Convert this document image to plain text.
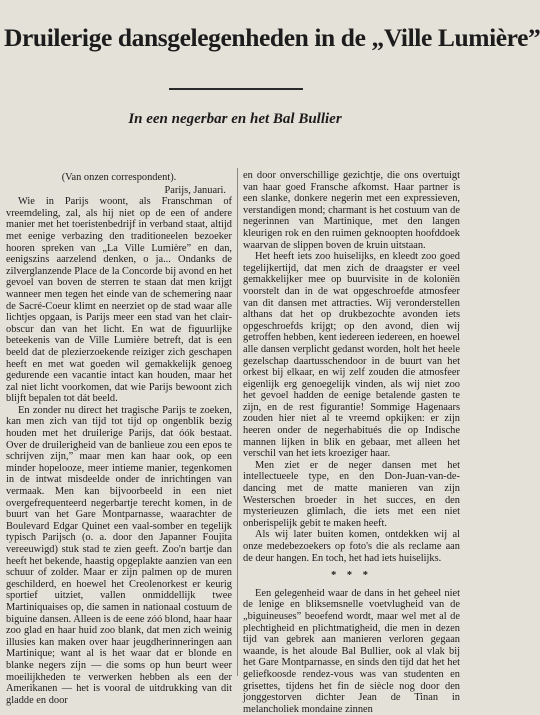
Druilerige dansgelegenheden in de „Ville Lumière”
In een negerbar en het Bal Bullier

(Van onzen correspondent).

Parijs, Januari.

Wie in Parijs woont, als Franschman of vreemdeling, zal, als hij niet op de een of andere manier met het toeristenbedrijf in verband staat, altijd met eenige verbazing den traditioneelen bezoeker hooren spreken van „La Ville Lumière” en dan, eenigszins aarzelend denken, o ja... Ondanks de zilverglanzende Place de la Concorde bij avond en het gevoel van boven de sterren te staan dat men krijgt wanneer men tegen het einde van de schemering naar de Sacré-Coeur klimt en neerziet op de stad waar alle lichtjes opgaan, is Parijs meer een stad van het clair-obscur dan van het licht. En wat de figuurlijke beteekenis van de Ville Lumière betreft, dat is een beeld dat de plezierzoekende reiziger zich geschapen heeft en met wat goeden wil gemakkelijk genoeg gedurende een vacantie intact kan houden, maar het zal niet licht voorkomen, dat wie Parijs bewoont zich blijft bepalen tot dát beeld.

En zonder nu direct het tragische Parijs te zoeken, kan men zich van tijd tot tijd op ongenblik bezig houden met het druilerige Parijs, dat óók bestaat. Over de druilerigheid van de banlieue zou een epos te schrijven zijn,” maar men kan haar ook, op een minder hopelooze, meer intieme manier, tegenkomen in de intwat misdeelde onder de inrichtingen van vermaak. Men kan bijvoorbeeld in een niet overgefrequenteerd negerbartje terecht komen, in de buurt van het Gare Montparnasse, waarachter de Boulevard Edgar Quinet een vaal-somber en tegelijk typisch Parijsch (o. a. door den Japanner Foujita vereeuwigd) stuk stad te zien geeft. Zoo'n bartje dan heeft het bekende, haastig opgeplakte aanzien van een schuur of zolder. Maar er zijn palmen op de muren geschilderd, en hoewel het Creolenorkest er keurig sportief uitziet, vallen onmiddellijk twee Martiniquaises op, die samen in nationaal costuum de biguine dansen. Alleen is de eene zóó blond, haar haar zoo glad en haar huid zoo blank, dat men zich weinig illusies kan maken over haar jeugdherinneringen aan Martinique; want al is het waar dat er blonde en blanke negers zijn — die soms op hun beurt weer moeilijkheden te verwerken hebben als een der Amerikanen — het is vooral de uitdrukking van dit gladde en door

en door onverschillige gezichtje, die ons overtuigt van haar goed Fransche afkomst. Haar partner is een slanke, donkere negerin met een expressieven, verstandigen mond; charmant is het costuum van de negerinnen van Martinique, met den langen kleurigen rok en den ruimen geknoopten hoofddoek waarvan de slippen boven de kruin uitstaan.

Het heeft iets zoo huiselijks, en kleedt zoo goed tegelijkertijd, dat men zich de draagster er veel gemakkelijker mee op buurvisite in de koloniën voorstelt dan in de wat opgeschroefde atmosfeer van dit dansen met attracties. Wij veronderstellen althans dat het op drukbezochte avonden iets opgeschroefds krijgt; op den avond, dien wij getroffen hebben, kent iedereen iedereen, en hoewel alle dansen verplicht gedanst worden, holt het heele gezelschap daartusschendoor in de buurt van het orkest bij elkaar, en wij zelf zouden die atmosfeer eigenlijk erg genoegelijk vinden, als wij niet zoo het gevoel hadden de eenige betalende gasten te zijn, en de rest figurantie! Sommige Hagenaars zouden hier niet al te vreemd opkijken: er zijn heeren onder de negerhabitués die op Indische mannen lijken in blik en gebaar, met alleen het verschil van het iets kroeziger haar.

Men ziet er de neger dansen met het intellectueele type, en den Don-Juan-van-de-dancing met de matte manieren van zijn Westerschen broeder in het succes, en den mysterieuzen glimlach, die iets met een niet onberispelijk gebit te maken heeft.

Als wij later buiten komen, ontdekken wij al onze medebezoekers op foto's die als reclame aan de deur hangen. En toch, het had iets huiselijks.

* * *

Een gelegenheid waar de dans in het geheel niet de lenige en bliksemsnelle voetvlugheid van de „biguineuses” beoefend wordt, maar wel met al de plechtigheid en plichtmatigheid, die men in dezen tijd van gebrek aan manieren verloren gegaan waande, is het aloude Bal Bullier, ook al vlak bij het Gare Montparnasse, en sinds den tijd dat het het geliefkoosde rendez-vous was van studenten en grisettes, tijdens het fin de siècle nog door den jonggestorven dichter Jean de Tinan in melancholiek mondaine zinnen
